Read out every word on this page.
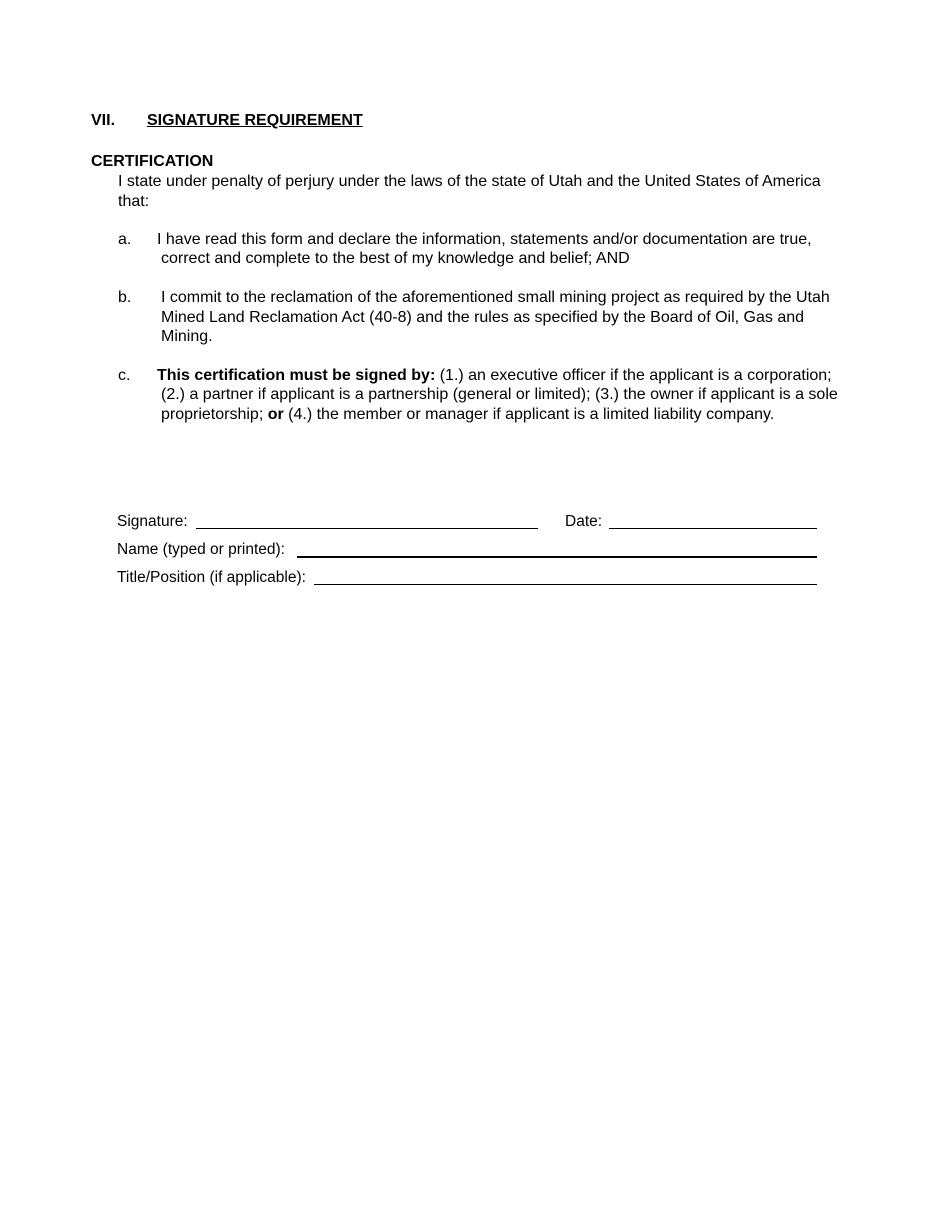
VII. SIGNATURE REQUIREMENT
CERTIFICATION
I state under penalty of perjury under the laws of the state of Utah and the United States of America
that:
a. I have read this form and declare the information, statements and/or documentation are true,
correct and complete to the best of my knowledge and belief; AND
b. I commit to the reclamation of the aforementioned small mining project as required by the Utah
Mined Land Reclamation Act (40-8) and the rules as specified by the Board of Oil, Gas and
Mining.
c. This certification must be signed by: (1.) an executive officer if the applicant is a corporation;
(2.) a partner if applicant is a partnership (general or limited); (3.) the owner if applicant is a sole
proprietorship; or (4.) the member or manager if applicant is a limited liability company.
Signature:	Date:
Name (typed or printed):
Title/Position (if applicable):
